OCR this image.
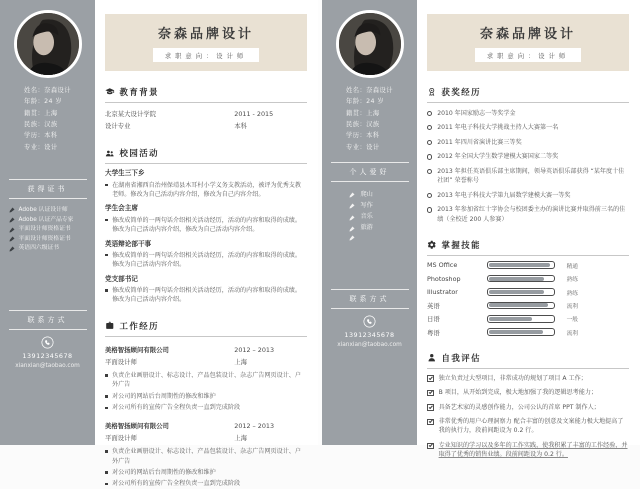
姓名：奈森设计
年龄：24 岁
籍贯：上海
民族：汉族
学历：本科
专业：设计
获得证书
Adobe 认证设计师
Adobe 认证产品专家
平面设计师资格证书
平面设计师资格证书
英语四六级证书
联系方式
13912345678
xianxian@taobao.com
奈森品牌设计
求职意向：设计师
教育背景
北京某大设计学院	2011 - 2015
设计专业	本科
校园活动
大学生三下乡
在湖南省湘西自治州保靖县木耳村小学义务支教活动，被评为优秀支教老师。修改为自己活动内容介绍，修改为自己内容介绍。
学生会主席
修改成简单的一两句话介绍相关活动经历，活动的内容和取得的成绩。修改为自己活动内容介绍，修改为自己活动内容介绍。
英语辩论部干事
修改成简单的一两句话介绍相关活动经历，活动的内容和取得的成绩。修改为自己活动内容介绍。
党支部书记
修改成简单的一两句话介绍相关活动经历，活动的内容和取得的成绩。修改为自己活动内容介绍。
工作经历
美格智扬顾问有限公司	2012 – 2013
平面设计师	上海
负责企业画册设计、标志设计、产品包装设计、杂志广告网页设计、户外广告
对公司的网站后台周期性的修改和维护
对公司所有的宣传广告全程负责一直到完成阶段
美格智扬顾问有限公司	2012 – 2013
平面设计师	上海
负责企业画册设计、标志设计、产品包装设计、杂志广告网页设计、户外广告
对公司的网站后台周期性的修改和维护
对公司所有的宣传广告全程负责一直到完成阶段
姓名：奈森设计
年龄：24 岁
籍贯：上海
民族：汉族
学历：本科
专业：设计
个人爱好
爬山
写作
音乐
旅游
联系方式
13912345678
xianxian@taobao.com
奈森品牌设计
求职意向：设计师
获奖经历
2010 年国家励志一等奖学金
2011 年电子科技大学挑战主持人大赛第一名
2011 年四川省演讲比赛三等奖
2012 年全国大学生数学建模大赛国家二等奖
2013 年担任英语俱乐部主席期间，领导英语俱乐部获得 “某年度十佳社团” 荣誉称号
2013 年电子科技大学第九届数学建模大赛一等奖
2013 年参加省红十字协会与校团委主办的演讲比赛并取得前三名的佳绩（全校近 200 人参赛）
掌握技能
MS Office	精通
Photoshop	熟练
Illustrator	熟练
英语	流利
日语	一般
粤语	流利
自我评估
独立负责过大型项目，非常成功的规划了项目 A 工作；
B 项目，从开始到完成，极大地加强了我的逻辑思考能力；
具备艺术家的灵感创作能力，公司公认的首席 PPT 制作人；
非常优秀的用户心理洞察力 配合丰富的创意及文案能力极大地提高了我的执行力，段前间距设为 0.2 行。
专业知识的学习以及多年的工作实践，使我积累了丰富的工作经验，并取得了优秀的销售业绩。段前间距设为 0.2 行。
